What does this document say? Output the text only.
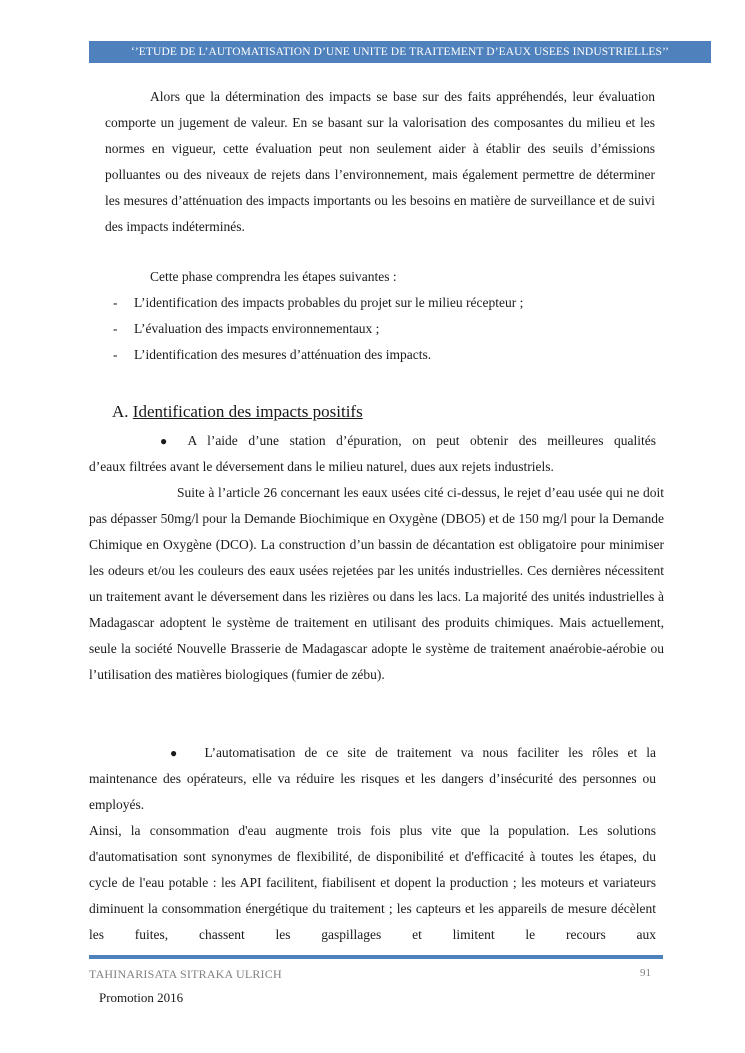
‘’ETUDE DE L’AUTOMATISATION D’UNE UNITE DE TRAITEMENT D’EAUX USEES INDUSTRIELLES’’

Alors que la détermination des impacts se base sur des faits appréhendés, leur évaluation comporte un jugement de valeur. En se basant sur la valorisation des composantes du milieu et les normes en vigueur, cette évaluation peut non seulement aider à établir des seuils d’émissions polluantes ou des niveaux de rejets dans l’environnement, mais également permettre de déterminer les mesures d’atténuation des impacts importants ou les besoins en matière de surveillance et de suivi des impacts indéterminés.

Cette phase comprendra les étapes suivantes :
- L’identification des impacts probables du projet sur le milieu récepteur ;
- L’évaluation des impacts environnementaux ;
- L’identification des mesures d’atténuation des impacts.
A. Identification des impacts positifs
● A l’aide d’une station d’épuration, on peut obtenir des meilleures qualités
d’eaux filtrées avant le déversement dans le milieu naturel, dues aux rejets industriels.

Suite à l’article 26 concernant les eaux usées cité ci-dessus, le rejet d’eau usée qui ne doit pas dépasser 50mg/l pour la Demande Biochimique en Oxygène (DBO5) et de 150 mg/l pour la Demande Chimique en Oxygène (DCO). La construction d’un bassin de décantation est obligatoire pour minimiser les odeurs et/ou les couleurs des eaux usées rejetées par les unités industrielles. Ces dernières nécessitent un traitement avant le déversement dans les rizières ou dans les lacs. La majorité des unités industrielles à Madagascar adoptent le système de traitement en utilisant des produits chimiques. Mais actuellement, seule la société Nouvelle Brasserie de Madagascar adopte le système de traitement anaérobie-aérobie ou l’utilisation des matières biologiques (fumier de zébu).

● L’automatisation de ce site de traitement va nous faciliter les rôles et la

maintenance des opérateurs, elle va réduire les risques et les dangers d’insécurité des personnes ou employés.

Ainsi, la consommation d'eau augmente trois fois plus vite que la population. Les solutions d'automatisation sont synonymes de flexibilité, de disponibilité et d'efficacité à toutes les étapes, du cycle de l'eau potable : les API facilitent, fiabilisent et dopent la production ; les moteurs et variateurs diminuent la consommation énergétique du traitement ; les capteurs et les appareils de mesure décèlent les fuites, chassent les gaspillages et limitent le recours aux

TAHINARISATA SITRAKA ULRICH	91
Promotion 2016
